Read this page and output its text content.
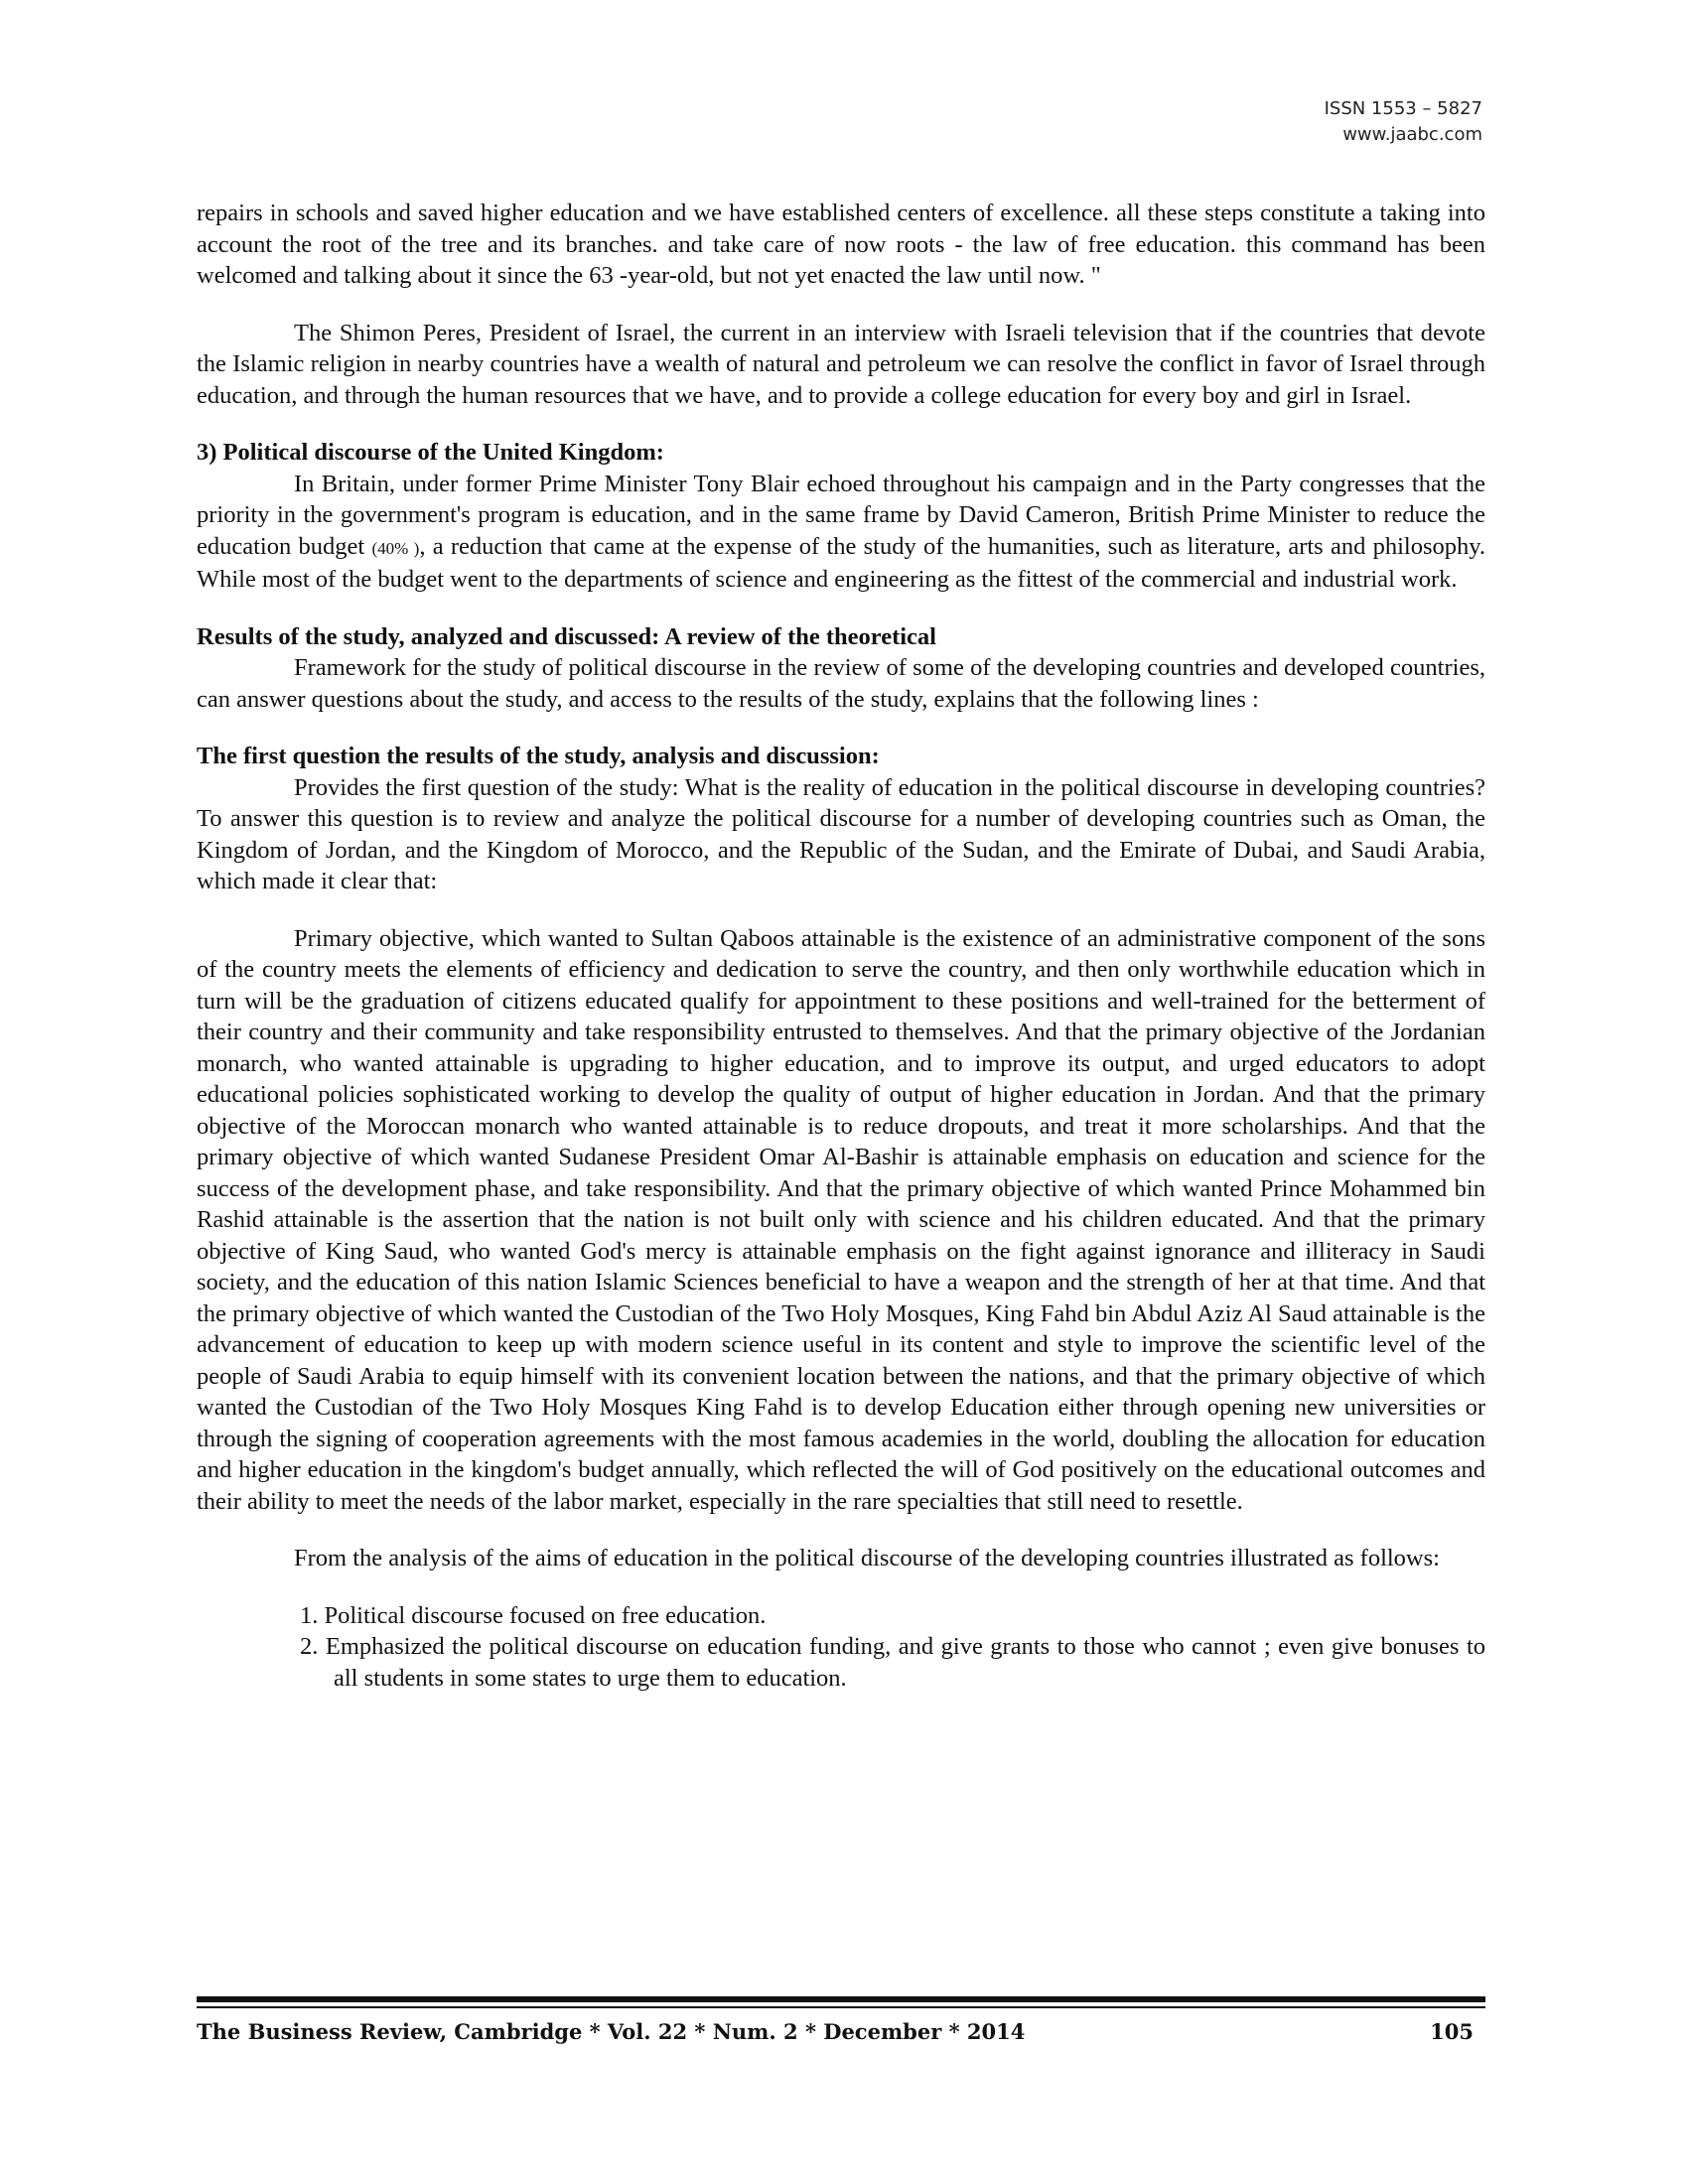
ISSN 1553 – 5827
www.jaabc.com

repairs in schools and saved higher education and we have established centers of excellence. all these steps constitute a taking into account the root of the tree and its branches. and take care of now roots - the law of free education. this command has been welcomed and talking about it since the 63 -year-old, but not yet enacted the law until now. "

The Shimon Peres, President of Israel, the current in an interview with Israeli television that if the countries that devote the Islamic religion in nearby countries have a wealth of natural and petroleum we can resolve the conflict in favor of Israel through education, and through the human resources that we have, and to provide a college education for every boy and girl in Israel.

3) Political discourse of the United Kingdom:

In Britain, under former Prime Minister Tony Blair echoed throughout his campaign and in the Party congresses that the priority in the government's program is education, and in the same frame by David Cameron, British Prime Minister to reduce the education budget (40% ), a reduction that came at the expense of the study of the humanities, such as literature, arts and philosophy. While most of the budget went to the departments of science and engineering as the fittest of the commercial and industrial work.

Results of the study, analyzed and discussed: A review of the theoretical

Framework for the study of political discourse in the review of some of the developing countries and developed countries, can answer questions about the study, and access to the results of the study, explains that the following lines :

The first question the results of the study, analysis and discussion:

Provides the first question of the study: What is the reality of education in the political discourse in developing countries? To answer this question is to review and analyze the political discourse for a number of developing countries such as Oman, the Kingdom of Jordan, and the Kingdom of Morocco, and the Republic of the Sudan, and the Emirate of Dubai, and Saudi Arabia, which made it clear that:

Primary objective, which wanted to Sultan Qaboos attainable is the existence of an administrative component of the sons of the country meets the elements of efficiency and dedication to serve the country, and then only worthwhile education which in turn will be the graduation of citizens educated qualify for appointment to these positions and well-trained for the betterment of their country and their community and take responsibility entrusted to themselves. And that the primary objective of the Jordanian monarch, who wanted attainable is upgrading to higher education, and to improve its output, and urged educators to adopt educational policies sophisticated working to develop the quality of output of higher education in Jordan. And that the primary objective of the Moroccan monarch who wanted attainable is to reduce dropouts, and treat it more scholarships. And that the primary objective of which wanted Sudanese President Omar Al-Bashir is attainable emphasis on education and science for the success of the development phase, and take responsibility. And that the primary objective of which wanted Prince Mohammed bin Rashid attainable is the assertion that the nation is not built only with science and his children educated. And that the primary objective of King Saud, who wanted God's mercy is attainable emphasis on the fight against ignorance and illiteracy in Saudi society, and the education of this nation Islamic Sciences beneficial to have a weapon and the strength of her at that time. And that the primary objective of which wanted the Custodian of the Two Holy Mosques, King Fahd bin Abdul Aziz Al Saud attainable is the advancement of education to keep up with modern science useful in its content and style to improve the scientific level of the people of Saudi Arabia to equip himself with its convenient location between the nations, and that the primary objective of which wanted the Custodian of the Two Holy Mosques King Fahd is to develop Education either through opening new universities or through the signing of cooperation agreements with the most famous academies in the world, doubling the allocation for education and higher education in the kingdom's budget annually, which reflected the will of God positively on the educational outcomes and their ability to meet the needs of the labor market, especially in the rare specialties that still need to resettle.

From the analysis of the aims of education in the political discourse of the developing countries illustrated as follows:

1. Political discourse focused on free education.
2. Emphasized the political discourse on education funding, and give grants to those who cannot ; even give bonuses to all students in some states to urge them to education.
The Business Review, Cambridge * Vol. 22 * Num. 2 * December * 2014	105
